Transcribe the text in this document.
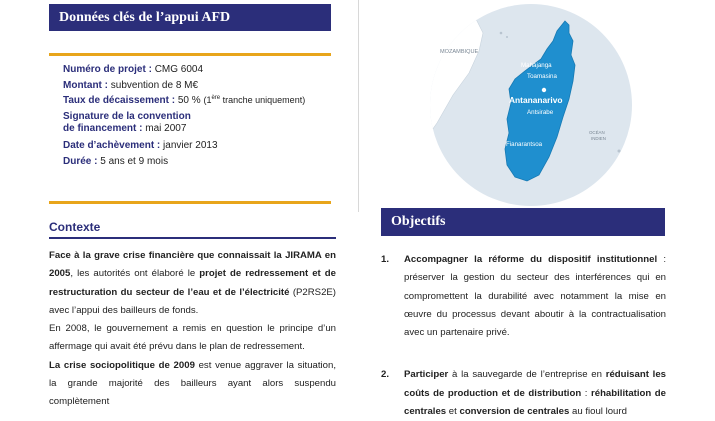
Données clés de l’appui AFD
Numéro de projet : CMG 6004
Montant : subvention de 8 M€
Taux de décaissement : 50 % (1ère tranche uniquement)
Signature de la convention
de financement : mai 2007
Date d’achèvement : janvier 2013
Durée : 5 ans et 9 mois
Contexte

Face à la grave crise financière que connaissait la JIRAMA en 2005, les autorités ont élaboré le projet de redressement et de restructuration du secteur de l’eau et de l’électricité (P2RS2E) avec l’appui des bailleurs de fonds.

En 2008, le gouvernement a remis en question le principe d’un affermage qui avait été prévu dans le plan de redressement.

La crise sociopolitique de 2009 est venue aggraver la situation, la grande majorité des bailleurs ayant alors suspendu complètement

MOZAMBIQUE
Mahajanga
Toamasina
Antananarivo
Antsirabe
Fianarantsoa
OCÉAN
INDIEN
Objectifs
1. Accompagner la réforme du dispositif institutionnel : préserver la gestion du secteur des interférences qui en compromettent la durabilité avec notamment la mise en œuvre du processus devant aboutir à la contractualisation avec un partenaire privé.
2. Participer à la sauvegarde de l’entreprise en réduisant les coûts de production et de distribution : réhabilitation de centrales et conversion de centrales au fioul lourd
